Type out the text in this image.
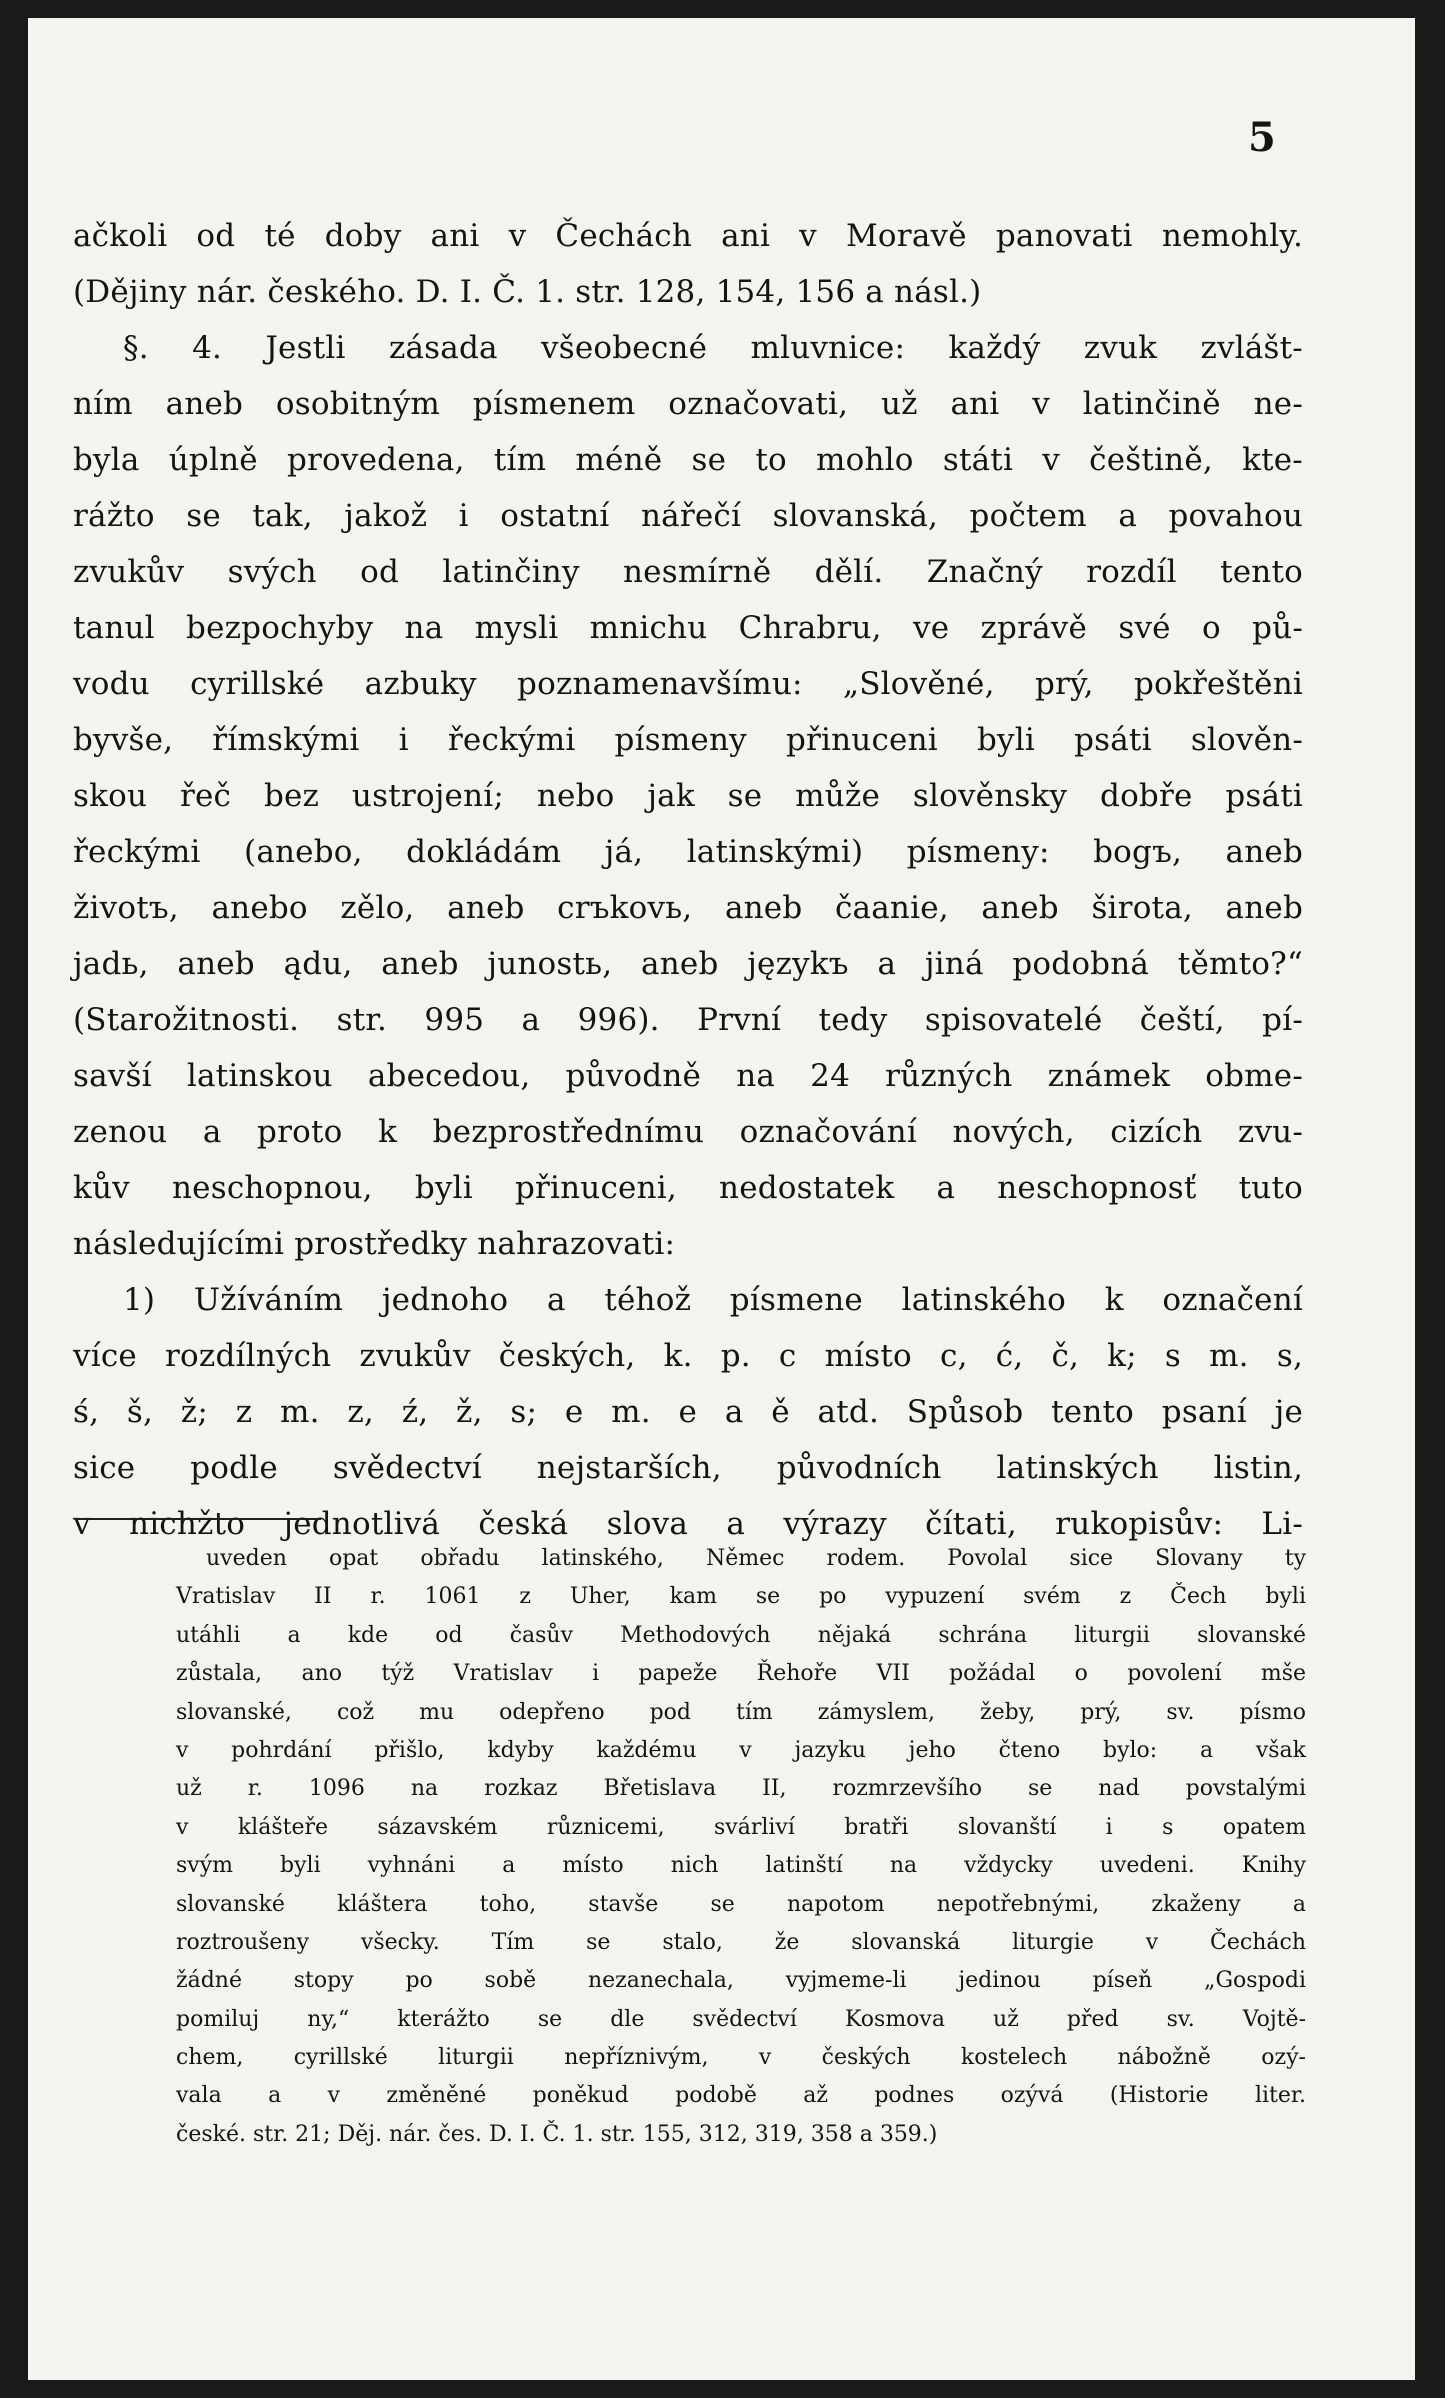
5
ačkoli od té doby ani v Čechách ani v Moravě panovati nemohly.
(Dějiny nár. českého. D. I. Č. 1. str. 128, 154, 156 a násl.)
§. 4. Jestli zásada všeobecné mluvnice: každý zvuk zvlášt-
ním aneb osobitným písmenem označovati, už ani v latinčině ne-
byla úplně provedena, tím méně se to mohlo státi v češtině, kte-
rážto se tak, jakož i ostatní nářečí slovanská, počtem a povahou
zvukův svých od latinčiny nesmírně dělí. Značný rozdíl tento
tanul bezpochyby na mysli mnichu Chrabru, ve zprávě své o pů-
vodu cyrillské azbuky poznamenavšímu: „Slověné, prý, pokřeštěni
byvše, římskými i řeckými písmeny přinuceni byli psáti slověn-
skou řeč bez ustrojení; nebo jak se může slověnsky dobře psáti
řeckými (anebo, dokládám já, latinskými) písmeny: bogъ, aneb
životъ, anebo zělo, aneb crъkovь, aneb čaanie, aneb širota, aneb
jadь, aneb ądu, aneb junostь, aneb językъ a jiná podobná těmto?“
(Starožitnosti. str. 995 a 996). První tedy spisovatelé čeští, pí-
savší latinskou abecedou, původně na 24 různých známek obme-
zenou a proto k bezprostřednímu označování nových, cizích zvu-
kův neschopnou, byli přinuceni, nedostatek a neschopnosť tuto
následujícími prostředky nahrazovati:
1) Užíváním jednoho a téhož písmene latinského k označení
více rozdílných zvukův českých, k. p. c místo c, ć, č, k; s m. s,
ś, š, ž; z m. z, ź, ž, s; e m. e a ě atd. Spůsob tento psaní je
sice podle svědectví nejstarších, původních latinských listin,
v nichžto jednotlivá česká slova a výrazy čítati, rukopisův: Li-
uveden opat obřadu latinského, Němec rodem. Povolal sice Slovany ty
Vratislav II r. 1061 z Uher, kam se po vypuzení svém z Čech byli
utáhli a kde od časův Methodových nějaká schrána liturgii slovanské
zůstala, ano týž Vratislav i papeže Řehoře VII požádal o povolení mše
slovanské, což mu odepřeno pod tím zámyslem, žeby, prý, sv. písmo
v pohrdání přišlo, kdyby každému v jazyku jeho čteno bylo: a však
už r. 1096 na rozkaz Břetislava II, rozmrzevšího se nad povstalými
v klášteře sázavském různicemi, svárliví bratři slovanští i s opatem
svým byli vyhnáni a místo nich latinští na vždycky uvedeni. Knihy
slovanské kláštera toho, stavše se napotom nepotřebnými, zkaženy a
roztroušeny všecky. Tím se stalo, že slovanská liturgie v Čechách
žádné stopy po sobě nezanechala, vyjmeme-li jedinou píseň „Gospodi
pomiluj ny,“ kterážto se dle svědectví Kosmova už před sv. Vojtě-
chem, cyrillské liturgii nepříznivým, v českých kostelech nábožně ozý-
vala a v změněné poněkud podobě až podnes ozývá (Historie liter.
české. str. 21; Děj. nár. čes. D. I. Č. 1. str. 155, 312, 319, 358 a 359.)
